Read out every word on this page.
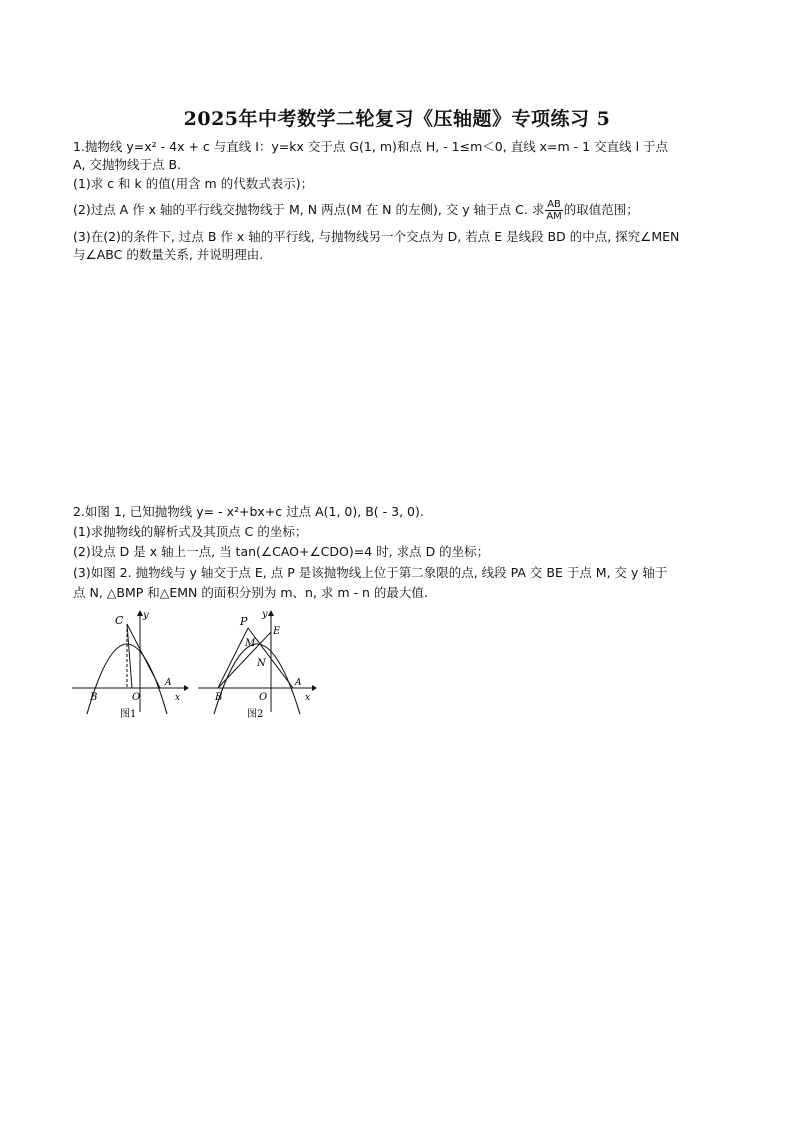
2025年中考数学二轮复习《压轴题》专项练习 5
1.抛物线 y=x² - 4x + c 与直线 I：y=kx 交于点 G(1, m)和点 H, - 1≤m＜0, 直线 x=m - 1 交直线 l 于点
A, 交抛物线于点 B.
(1)求 c 和 k 的值(用含 m 的代数式表示)；
(2)过点 A 作 x 轴的平行线交抛物线于 M, N 两点(M 在 N 的左侧), 交 y 轴于点 C. 求 $\frac{AB}{AM}$ 的取值范围；
(3)在(2)的条件下, 过点 B 作 x 轴的平行线, 与抛物线另一个交点为 D, 若点 E 是线段 BD 的中点, 探究∠MEN
与∠ABC 的数量关系, 并说明理由.
2.如图 1, 已知抛物线 y= - x²+bx+c 过点 A(1, 0), B( - 3, 0).
(1)求抛物线的解析式及其顶点 C 的坐标；
(2)设点 D 是 x 轴上一点, 当 tan(∠CAO+∠CDO)=4 时, 求点 D 的坐标；
(3)如图 2. 抛物线与 y 轴交于点 E, 点 P 是该抛物线上位于第二象限的点, 线段 PA 交 BE 于点 M, 交 y 轴于
点 N, △BMP 和△EMN 的面积分别为 m、n, 求 m - n 的最大值.
C y
B	O
A
x
图1
P
y
E
M
N
B	O
A
x
图2
